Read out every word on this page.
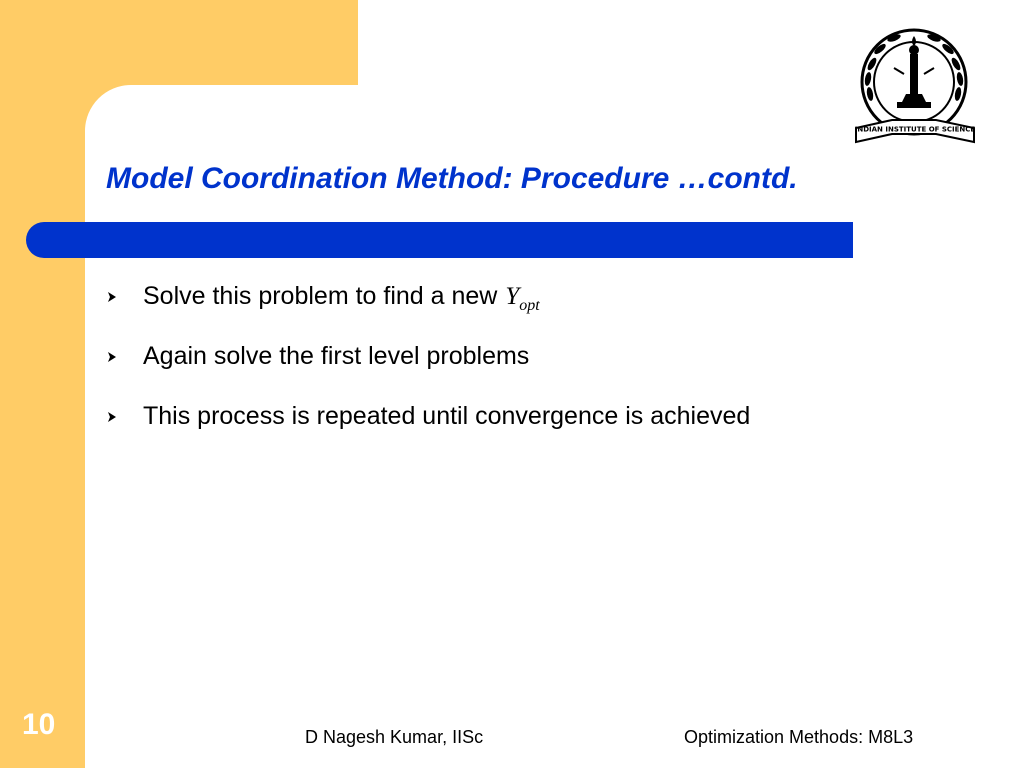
INDIAN INSTITUTE OF SCIENCE
Model Coordination Method: Procedure …contd.
Solve this problem to find a new Y opt
Again solve the first level problems
This process is repeated until convergence is achieved
10	D Nagesh Kumar, IISc	Optimization Methods: M8L3
